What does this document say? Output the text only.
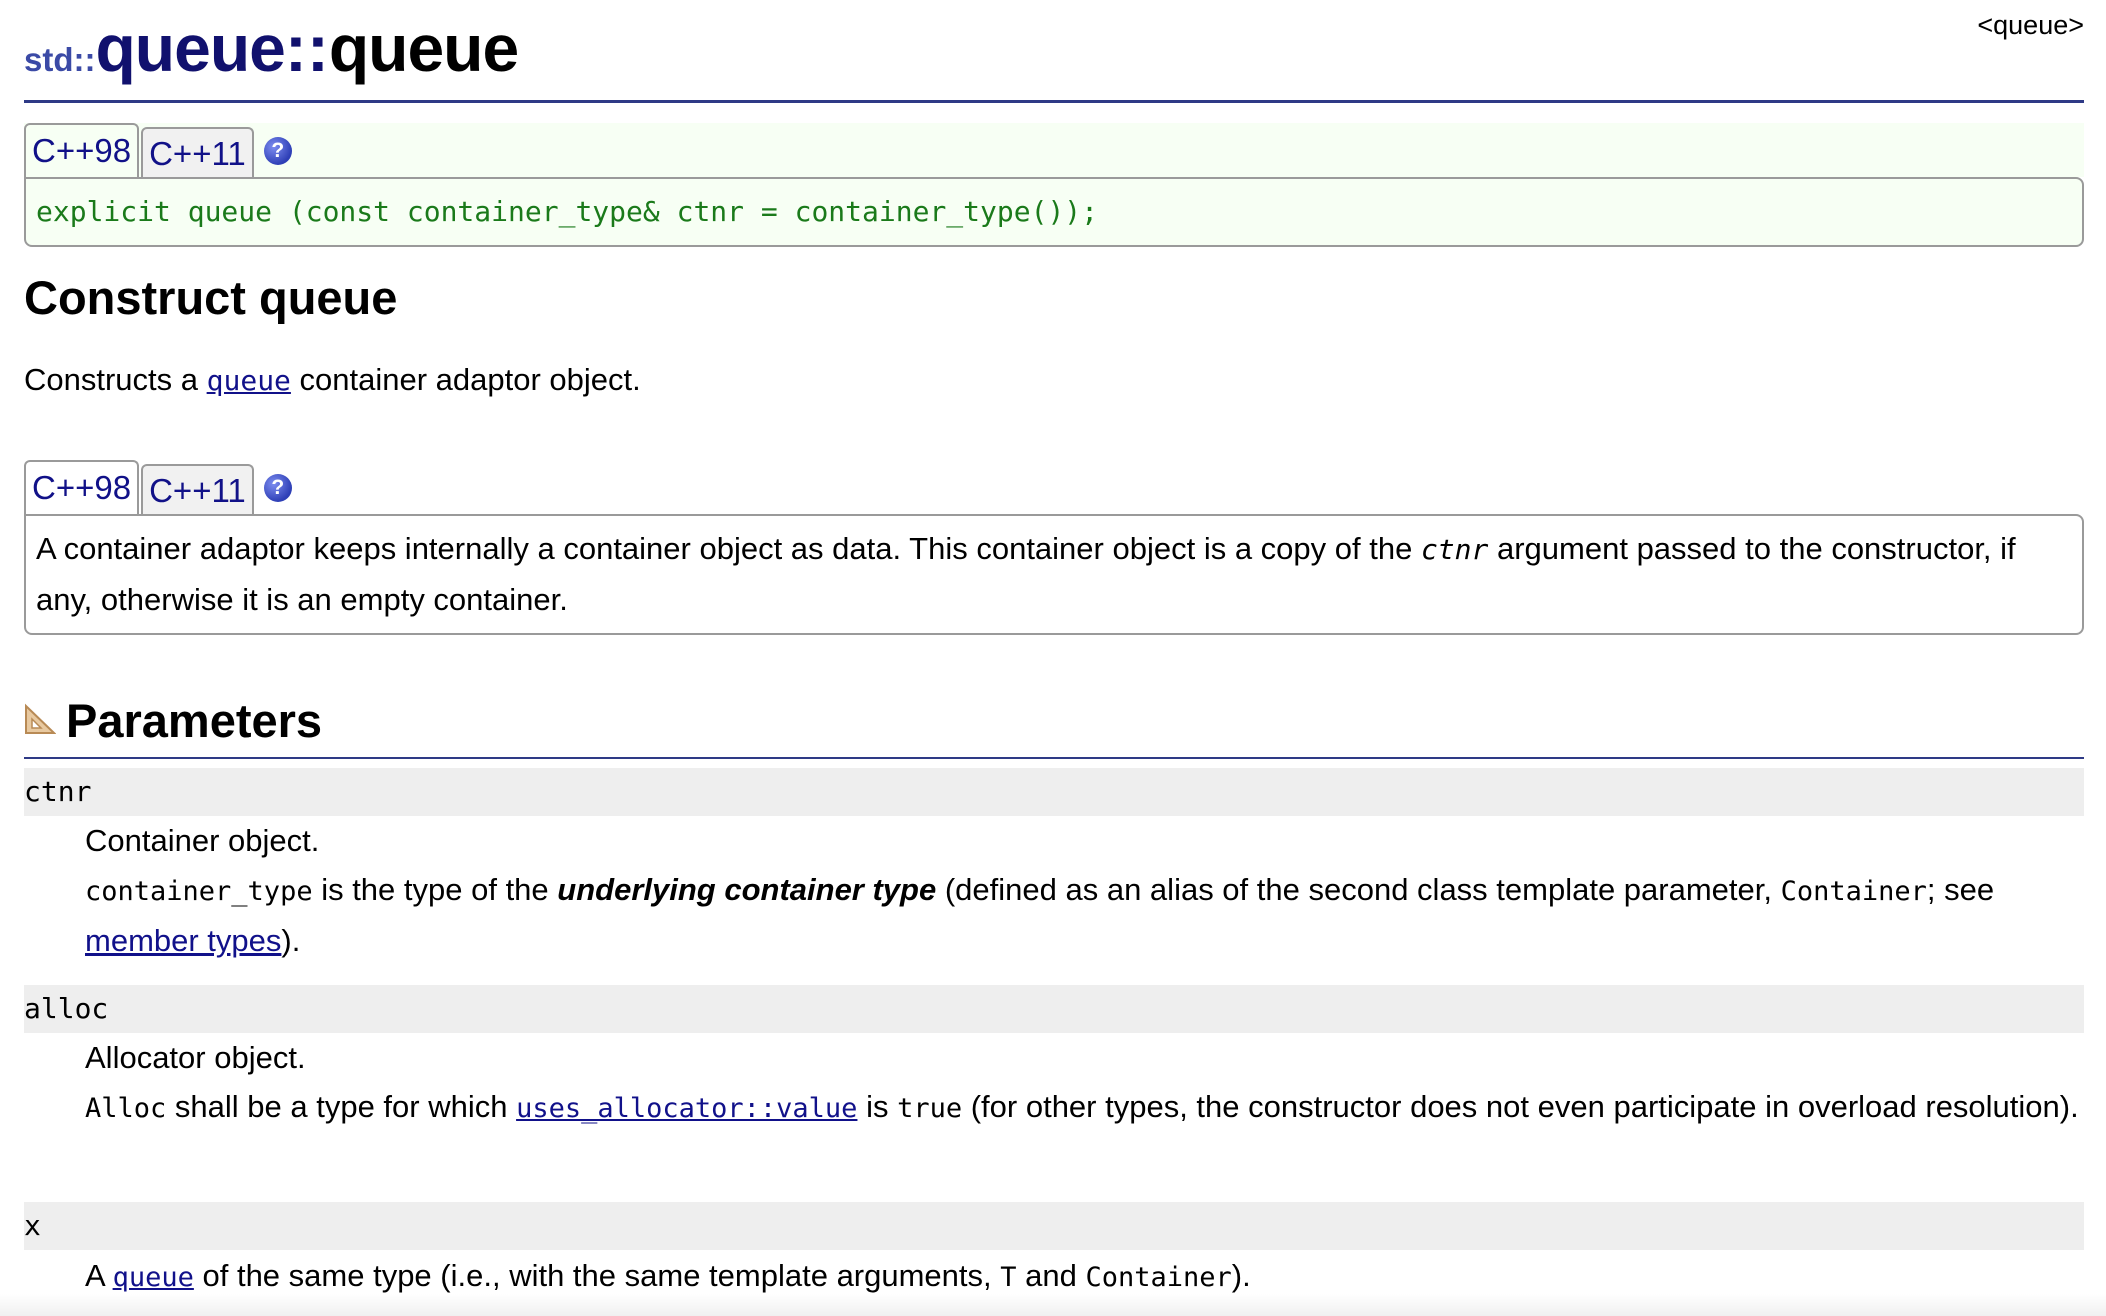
std::queue::queue	<queue>
C++98 C++11	?
explicit queue (const container_type& ctnr = container_type());
Construct queue
Constructs a queue container adaptor object.
C++98 C++11	?
A container adaptor keeps internally a container object as data. This container object is a copy of the ctnr argument passed to the constructor, if any, otherwise it is an empty container.
Parameters
ctnr
Container object.
container_type is the type of the underlying container type (defined as an alias of the second class template parameter, Container; see member types).
alloc
Allocator object.
Alloc shall be a type for which uses_allocator::value is true (for other types, the constructor does not even participate in overload resolution).
x
A queue of the same type (i.e., with the same template arguments, T and Container).
